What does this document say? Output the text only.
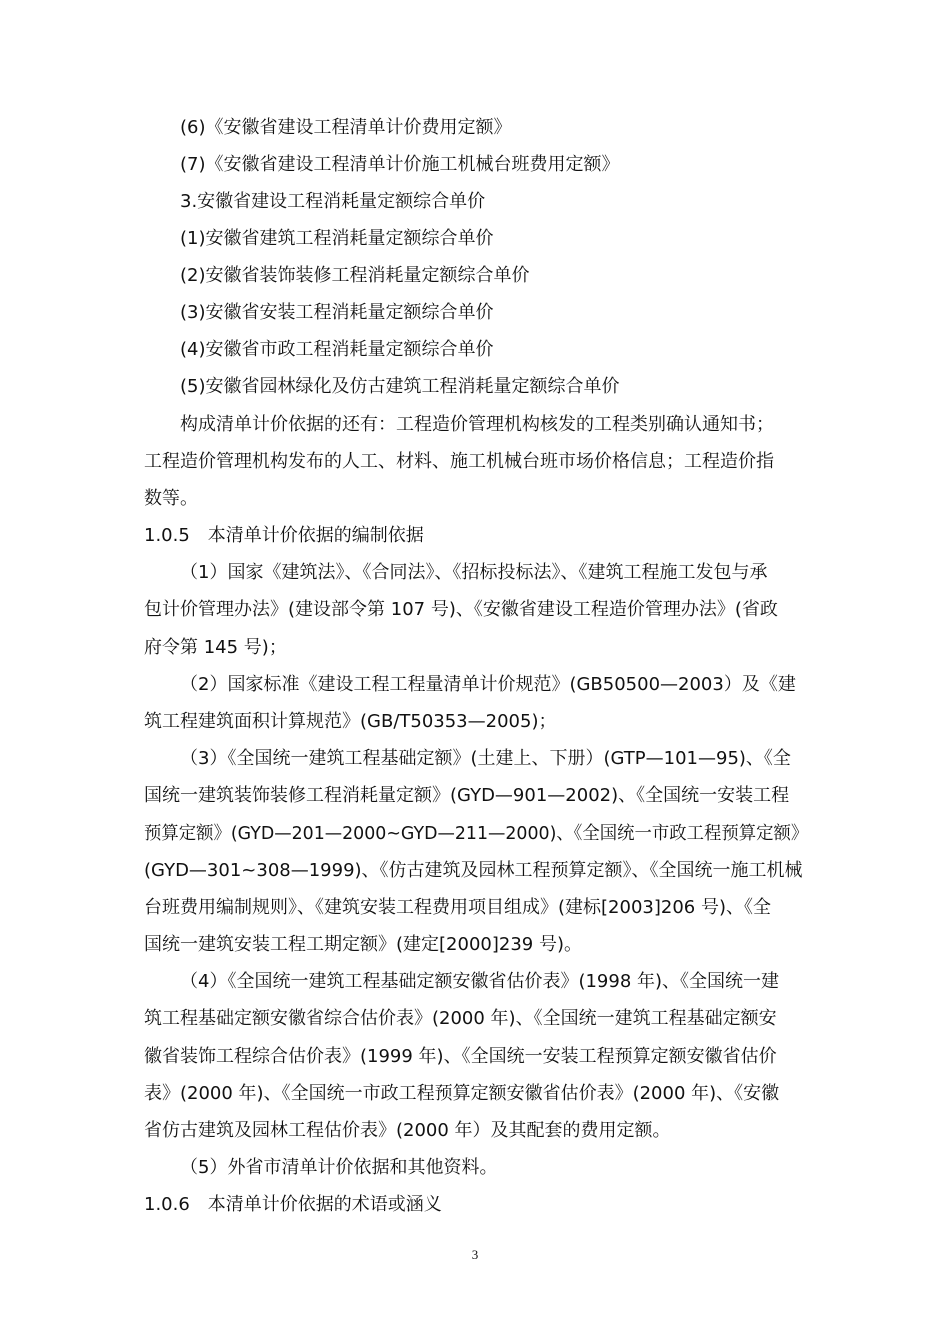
(6)《安徽省建设工程清单计价费用定额》
(7)《安徽省建设工程清单计价施工机械台班费用定额》
3.安徽省建设工程消耗量定额综合单价
(1)安徽省建筑工程消耗量定额综合单价
(2)安徽省装饰装修工程消耗量定额综合单价
(3)安徽省安装工程消耗量定额综合单价
(4)安徽省市政工程消耗量定额综合单价
(5)安徽省园林绿化及仿古建筑工程消耗量定额综合单价
构成清单计价依据的还有：工程造价管理机构核发的工程类别确认通知书；
工程造价管理机构发布的人工、材料、施工机械台班市场价格信息；工程造价指
数等。
1.0.5　本清单计价依据的编制依据
（1）国家《建筑法》、《合同法》、《招标投标法》、《建筑工程施工发包与承
包计价管理办法》(建设部令第 107 号)、《安徽省建设工程造价管理办法》(省政
府令第 145 号)；
（2）国家标准《建设工程工程量清单计价规范》(GB50500—2003）及《建
筑工程建筑面积计算规范》(GB/T50353—2005)；
（3）《全国统一建筑工程基础定额》(土建上、下册）(GTP—101—95)、《全
国统一建筑装饰装修工程消耗量定额》(GYD—901—2002)、《全国统一安装工程
预算定额》(GYD—201—2000~GYD—211—2000)、《全国统一市政工程预算定额》
(GYD—301~308—1999)、《仿古建筑及园林工程预算定额》、《全国统一施工机械
台班费用编制规则》、《建筑安装工程费用项目组成》(建标[2003]206 号)、《全
国统一建筑安装工程工期定额》(建定[2000]239 号)。
（4）《全国统一建筑工程基础定额安徽省估价表》(1998 年)、《全国统一建
筑工程基础定额安徽省综合估价表》(2000 年)、《全国统一建筑工程基础定额安
徽省装饰工程综合估价表》(1999 年)、《全国统一安装工程预算定额安徽省估价
表》(2000 年)、《全国统一市政工程预算定额安徽省估价表》(2000 年)、《安徽
省仿古建筑及园林工程估价表》(2000 年）及其配套的费用定额。
（5）外省市清单计价依据和其他资料。
1.0.6　本清单计价依据的术语或涵义
3
